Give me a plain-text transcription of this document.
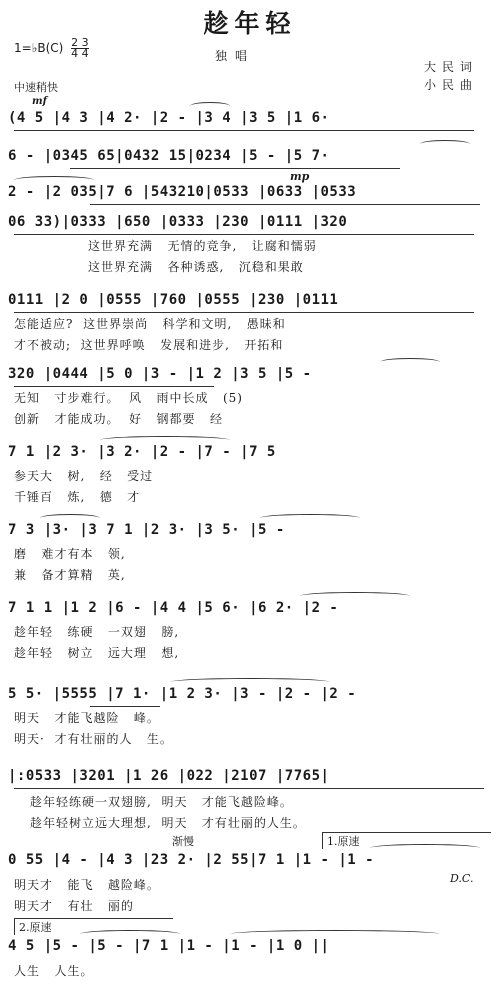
趁年轻
1=♭B(C) $\frac{2 3}{4 4}$	独唱
大民词
小民曲
中速稍快
mf
(4 5 |4 3 |4 2· |2 - |3 4 |3 5 |1 6·
6 - |0345 65|0432 15|0234 |5 - |5 7·
mp
2 - |2 035|7 6 |543210|0533 |0633 |0533
06 33)|0333 |650 |0333 |230 |0111 |320
这世界充满   无情的竞争,   让腐和懦弱
这世界充满   各种诱惑,   沉稳和果敢
0111 |2 0 |0555 |760 |0555 |230 |0111
怎能适应?  这世界崇尚   科学和文明,   愚昧和
才不被动;  这世界呼唤   发展和进步,   开拓和
320 |0444 |5 0 |3 - |1 2 |3 5 |5 -
无知   寸步难行。  风   雨中长成   (5)
创新   才能成功。  好   钢都要   经
7 1 |2 3· |3 2· |2 - |7 - |7 5
参天大   树,   经   受过
千锤百   炼,   德   才
7 3 |3· |3 7 1 |2 3· |3 5· |5 -
磨   难才有本   领,
兼   备才算精   英,
7 1 1 |1 2 |6 - |4 4 |5 6· |6 2· |2 -
趁年轻   练硬   一双翅   膀,
趁年轻   树立   远大理   想,
5 5· |5555 |7 1· |1 2 3· |3 - |2 - |2 -
明天   才能飞越险   峰。
明天·  才有壮丽的人   生。
|:0533 |3201 |1 26 |022 |2107 |7765|
趁年轻练硬一双翅膀,  明天   才能飞越险峰。
趁年轻树立远大理想,  明天   才有壮丽的人生。
渐慢	1.原速
0 55 |4 - |4 3 |23 2· |2 55|7 1 |1 - |1 -
明天才   能飞   越险峰。
明天才   有壮   丽的
D.C.
2.原速
4 5 |5 - |5 - |7 1 |1 - |1 - |1 0 ||
人生   人生。
